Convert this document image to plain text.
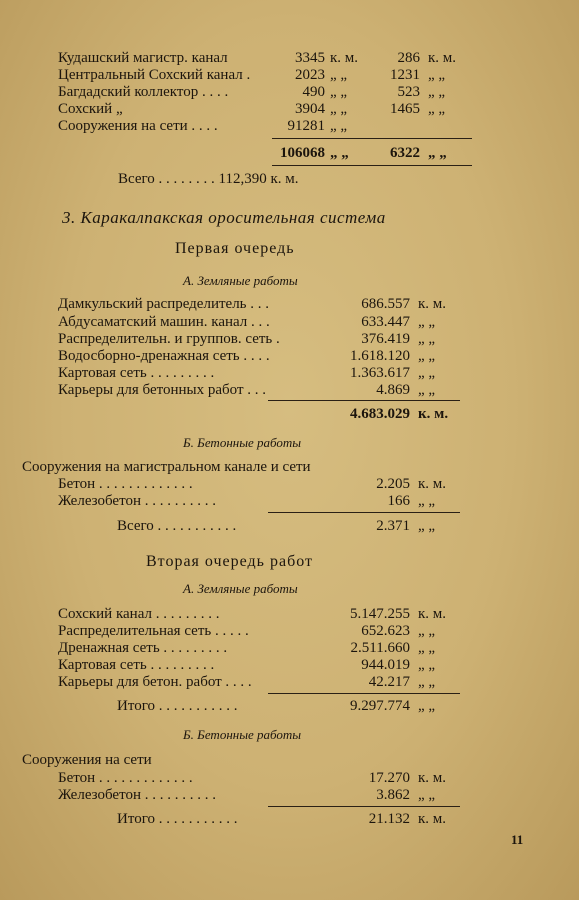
Кудашский магистр. канал	3345 к. м.	286 к. м.
Центральный Сохский канал .	2023 „ „	1231 „ „
Багдадский коллектор . . . .	490 „ „	523 „ „
Сохский „	3904 „ „	1465 „ „
Сооружения на сети . . . .	91281 „ „
106068 „ „	6322 „ „
Всего . . . . . . . . 112,390 к. м.
3. Каракалпакская оросительная система
Первая очередь
А. Земляные работы
Дамкульский распределитель . . .	686.557 к. м.
Абдусаматский машин. канал . . .	633.447 „ „
Распределительн. и группов. сеть .	376.419 „ „
Водосборно-дренажная сеть . . . .	1.618.120 „ „
Картовая сеть . . . . . . . . .	1.363.617 „ „
Карьеры для бетонных работ . . .	4.869 „ „
4.683.029 к. м.
Б. Бетонные работы
Сооружения на магистральном канале и сети
Бетон . . . . . . . . . . . . .	2.205 к. м.
Железобетон . . . . . . . . . .	166 „ „
Всего . . . . . . . . . . .	2.371 „ „
Вторая очередь работ
А. Земляные работы
Сохский канал . . . . . . . . .	5.147.255 к. м.
Распределительная сеть . . . . .	652.623 „ „
Дренажная сеть . . . . . . . . .	2.511.660 „ „
Картовая сеть . . . . . . . . .	944.019 „ „
Карьеры для бетон. работ . . . .	42.217 „ „
Итого . . . . . . . . . . .	9.297.774 „ „
Б. Бетонные работы
Сооружения на сети
Бетон . . . . . . . . . . . . .	17.270 к. м.
Железобетон . . . . . . . . . .	3.862 „ „
Итого . . . . . . . . . . .	21.132 к. м.
11
